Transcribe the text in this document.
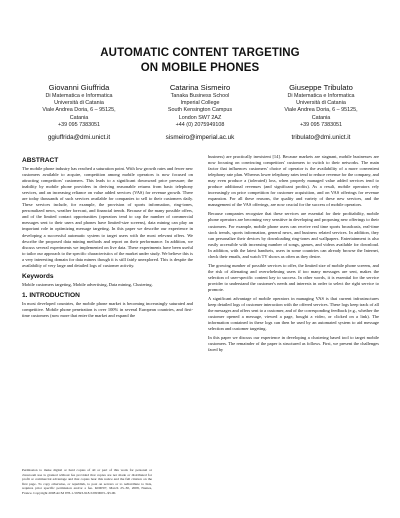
AUTOMATIC CONTENT TARGETING
ON MOBILE PHONES
Giovanni Giuffrida
Di Matematica e Informatica
Università di Catania
Viale Andrea Doria, 6 – 95125,
Catania
+39 095 7383051
ggiuffrida@dmi.unict.it
Catarina Sismeiro
Tanaka Business School
Imperial College
South Kensington Campus
London SW7 2AZ
+44 (0) 2075949108
sismeiro@imperial.ac.uk
Giuseppe Tribulato
Di Matematica e Informatica
Università di Catania
Viale Andrea Doria, 6 – 95125,
Catania
+39 095 7383051
tribulato@dmi.unict.it
ABSTRACT

The mobile phone industry has reached a saturation point. With low growth rates and fewer new customers available to acquire, competition among mobile operators is now focused on attracting competitors' customers. This leads to a significant downward price pressure; the inability by mobile phone providers in deriving reasonable returns from basic telephony services, and an increasing reliance on value added services (VAS) for revenue growth. There are today thousands of such services available for companies to sell to their customers daily. These services include, for example, the provision of sports information, ring-tones, personalized news, weather forecast, and financial trends. Because of the many possible offers, and of the limited contact opportunities (operators tend to cap the number of commercial messages sent to their users and phones have limited-size screens), data mining can play an important role in optimizing message targeting. In this paper we describe our experience in developing a successful automatic system to target users with the most relevant offers. We describe the proposed data mining methods and report on their performance. In addition, we discuss several experiments we implemented on live data. These experiments have been useful to tailor our approach to the specific characteristics of the market under study. We believe this is a very interesting domain for data miners though it is still fairly unexplored. This is despite the availability of very large and detailed logs of customer activity.

Keywords

Mobile customers targeting, Mobile advertising, Data mining, Clustering.

1. INTRODUCTION

In most developed countries, the mobile phone market is becoming increasingly saturated and competitive. Mobile phone penetration is over 100% in several European countries, and first-time customers (now more that enter the market and expand the

Permission to make digital or hard copies of all or part of this work for personal or classroom use is granted without fee provided that copies are not made or distributed for profit or commercial advantage and that copies bear this notice and the full citation on the first page. To copy otherwise, or republish, to post on servers or to redistribute to lists, requires prior specific permission and/or a fee. KDD'07, March 25–30, 2008, Nantes, France. Copyright 2008 ACM 978-1-59593-918-5/08/0003...$5.00.

business) are practically inexistent [14]. Because markets are stagnant, mobile businesses are now focusing on convincing competitors' customers to switch to their networks. The main factor that influences customers' choice of operator is the availability of a more convenient telephony rate plan. Whereas lower telephony rates tend to reduce revenue for the company, and may even produce a (tolerated) loss, when properly managed value added services tend to produce additional revenues (and significant profits). As a result, mobile operators rely increasingly on price competition for customer acquisition, and on VAS offerings for revenue expansion. For all these reasons, the quality and variety of these new services, and the management of the VAS offerings, are now crucial for the success of mobile operators.

Because companies recognize that these services are essential for their profitability, mobile phone operators are becoming very sensitive in developing and proposing new offerings to their customers. For example, mobile phone users can receive real time sports broadcasts, real-time stock trends, sports information, general news, and business related services. In addition, they can personalize their devices by downloading ring-tones and wallpapers. Entertainment is also easily accessible with increasing number of songs, games, and videos available for download. In addition, with the latest handsets, users in some countries can already browse the Internet, check their emails, and watch TV shows as often as they desire.

The growing number of possible services to offer, the limited size of mobile phone screens, and the risk of alienating and overwhelming users if too many messages are sent, makes the selection of user-specific content key to success. In other words, it is essential for the service provider to understand the customer's needs and interests in order to select the right service to promote.

A significant advantage of mobile operators in managing VAS is that current infrastructures keep detailed logs of customer interaction with the offered services. These logs keep track of all the messages and offers sent to a customer, and of the corresponding feedback (e.g., whether the customer opened a message, viewed a page, bought a video, or clicked on a link). The information contained in these logs can then be used by an automated system to aid message selection and customer targeting.

In this paper we discuss our experience in developing a clustering based tool to target mobile customers. The remainder of the paper is structured as follows. First, we present the challenges faced by
